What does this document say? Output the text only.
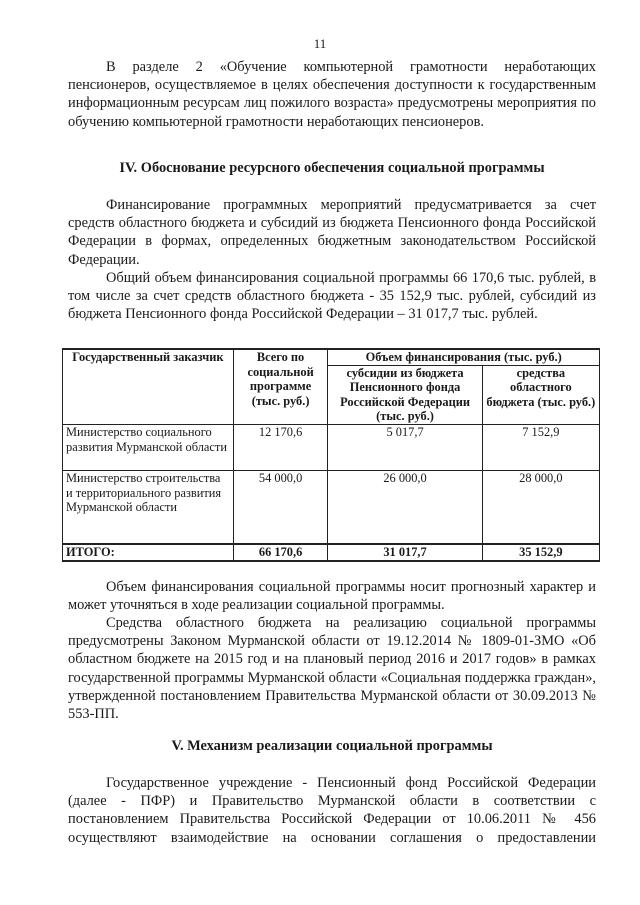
11

В разделе 2 «Обучение компьютерной грамотности неработающих пенсионеров, осуществляемое в целях обеспечения доступности к государственным информационным ресурсам лиц пожилого возраста» предусмотрены мероприятия по обучению компьютерной грамотности неработающих пенсионеров.

IV. Обоснование ресурсного обеспечения социальной программы

Финансирование программных мероприятий предусматривается за счет средств областного бюджета и субсидий из бюджета Пенсионного фонда Российской Федерации в формах, определенных бюджетным законодательством Российской Федерации.

Общий объем финансирования социальной программы 66 170,6 тыс. рублей, в том числе за счет средств областного бюджета - 35 152,9 тыс. рублей, субсидий из бюджета Пенсионного фонда Российской Федерации – 31 017,7 тыс. рублей.

Государственный заказчик	Всего по социальной программе (тыс. руб.)	Объем финансирования (тыс. руб.)	
		субсидии из бюджета Пенсионного фонда Российской Федерации (тыс. руб.)	средства областного бюджета (тыс. руб.)
Министерство социального развития Мурманской области	12 170,6	5 017,7	7 152,9
Министерство строительства и территориального развития Мурманской области	54 000,0	26 000,0	28 000,0
ИТОГО:	66 170,6	31 017,7	35 152,9

Объем финансирования социальной программы носит прогнозный характер и может уточняться в ходе реализации социальной программы.

Средства областного бюджета на реализацию социальной программы предусмотрены Законом Мурманской области от 19.12.2014 № 1809-01-ЗМО «Об областном бюджете на 2015 год и на плановый период 2016 и 2017 годов» в рамках государственной программы Мурманской области «Социальная поддержка граждан», утвержденной постановлением Правительства Мурманской области от 30.09.2013 № 553-ПП.

V. Механизм реализации социальной программы

Государственное учреждение - Пенсионный фонд Российской Федерации (далее - ПФР) и Правительство Мурманской области в соответствии с постановлением Правительства Российской Федерации от 10.06.2011 № 456 осуществляют взаимодействие на основании соглашения о предоставлении
